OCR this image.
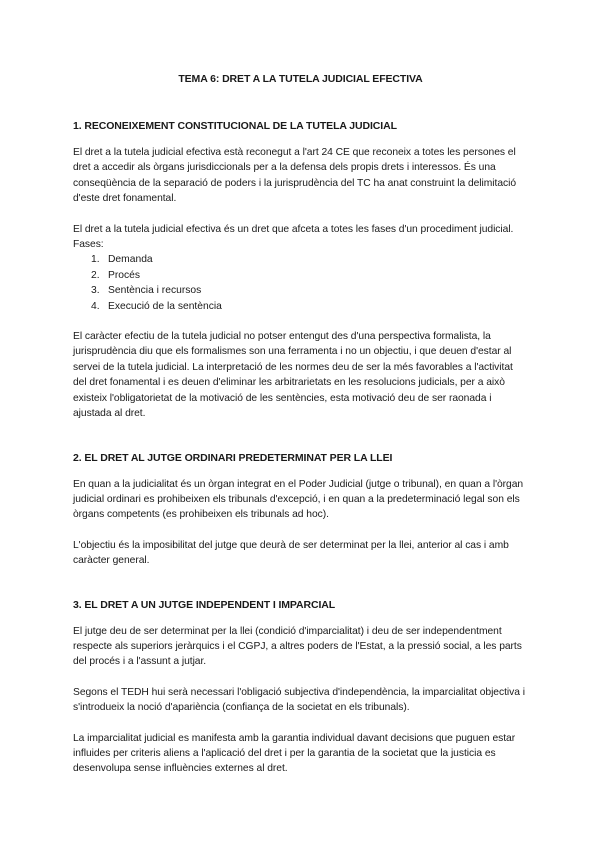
TEMA 6: DRET A LA TUTELA JUDICIAL EFECTIVA
1. RECONEIXEMENT CONSTITUCIONAL DE LA TUTELA JUDICIAL

El dret a la tutela judicial efectiva està reconegut a l'art 24 CE que reconeix a totes les persones el dret a accedir als òrgans jurisdiccionals per a la defensa dels propis drets i interessos. És una conseqüència de la separació de poders i la jurisprudència del TC ha anat construint la delimitació d'este dret fonamental.

El dret a la tutela judicial efectiva és un dret que afceta a totes les fases d'un procediment judicial. Fases:

1. Demanda
2. Procés
3. Sentència i recursos
4. Execució de la sentència

El caràcter efectiu de la tutela judicial no potser entengut des d'una perspectiva formalista, la jurisprudència diu que els formalismes son una ferramenta i no un objectiu, i que deuen d'estar al servei de la tutela judicial. La interpretació de les normes deu de ser la més favorables a l'activitat del dret fonamental i es deuen d'eliminar les arbitrarietats en les resolucions judicials, per a això existeix l'obligatorietat de la motivació de les sentències, esta motivació deu de ser raonada i ajustada al dret.

2. EL DRET AL JUTGE ORDINARI PREDETERMINAT PER LA LLEI

En quan a la judicialitat és un òrgan integrat en el Poder Judicial (jutge o tribunal), en quan a l'òrgan judicial ordinari es prohibeixen els tribunals d'excepció, i en quan a la predeterminació legal son els òrgans competents (es prohibeixen els tribunals ad hoc).

L'objectiu és la imposibilitat del jutge que deurà de ser determinat per la llei, anterior al cas i amb caràcter general.

3. EL DRET A UN JUTGE INDEPENDENT I IMPARCIAL

El jutge deu de ser determinat per la llei (condició d'imparcialitat) i deu de ser independentment respecte als superiors jeràrquics i el CGPJ, a altres poders de l'Estat, a la pressió social, a les parts del procés i a l'assunt a jutjar.

Segons el TEDH hui serà necessari l'obligació subjectiva d'independència, la imparcialitat objectiva i s'introdueix la noció d'apariència (confiança de la societat en els tribunals).

La imparcialitat judicial es manifesta amb la garantia individual davant decisions que puguen estar influides per criteris aliens a l'aplicació del dret i per la garantia de la societat que la justicia es desenvolupa sense influències externes al dret.
